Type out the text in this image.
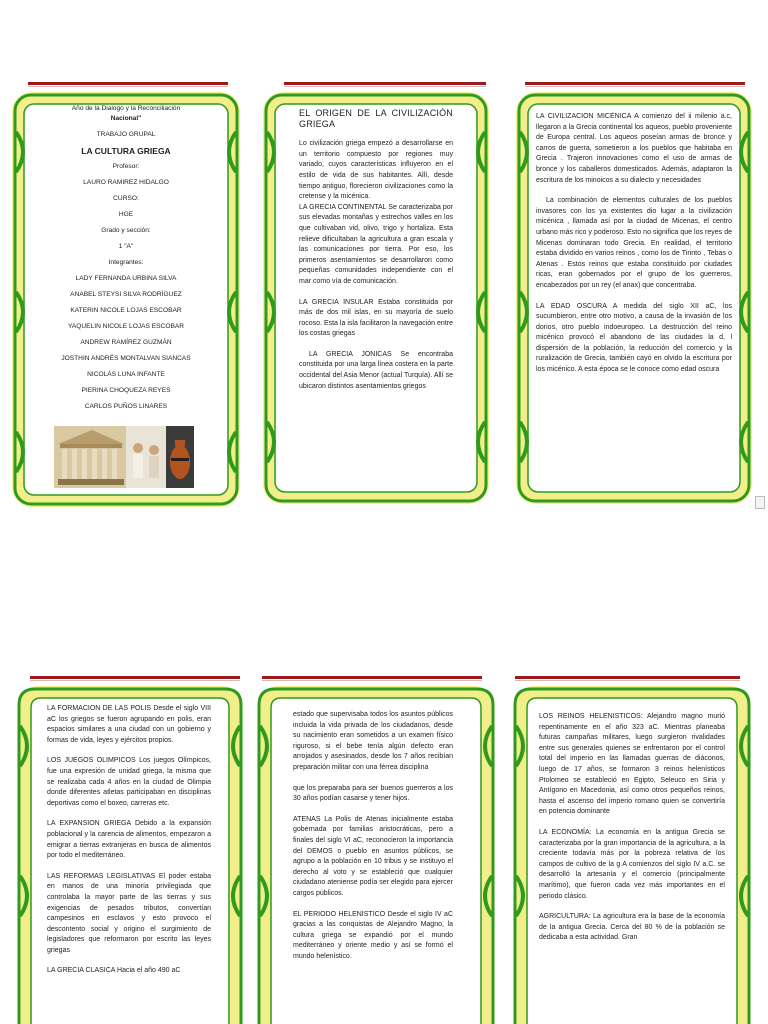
Año de la Dialogo y la Reconciliación

Nacional"

TRABAJO GRUPAL

LA CULTURA GRIEGA

Profesor:

LAURO RAMIREZ HIDALGO

CURSO:

HGE

Grado y sección:

1 "A"

Integrantes:

LADY FERNANDA URBINA SILVA

ANABEL STEYSI SILVA RODRÍGUEZ

KATERIN NICOLE LOJAS ESCOBAR

YAQUELIN NICOLE LOJAS ESCOBAR

ANDREW RAMÍREZ GUZMÁN

JOSTHIN ANDRÉS MONTALVAN SIANCAS

NICOLÁS LUNA INFANTE

PIERINA CHOQUEZA REYES

CARLOS PUÑOS LINARES

EL ORIGEN DE LA CIVILIZACIÓN GRIEGA

Lo civilización griega empezó a desarrollarse en un territorio compuesto por regiones muy variado, cuyos características influyeron en el estilo de vida de sus habitantes. Allí, desde tiempo antiguo, florecieron civilizaciones como la cretense y la micénica.

LA GRECIA CONTINENTAL Se caracterizaba por sus elevadas montañas y estrechos valles en los que cultivaban vid, olivo, trigo y hortaliza. Esta relieve dificultaban la agricultura a gran escala y las comunicaciones por tierra. Por eso, los primeros asentamientos se desarrollaron como pequeñas comunidades independiente con el mar como vía de comunicación.

LA GRECIA INSULAR Estaba constituida por más de dos mil islas, en su mayoría de suelo rocoso. Esta la isla facilitaron la navegación entre los costas griegas

LA GRECIA JONICAS Se encontraba constituida por una larga línea costera en la parte occidental del Asia Menor (actual Turquía). Allí se ubicaron distintos asentamientos griegos

LA CIVILIZACIÓN MICÉNICA A comienzo del ii milenio a.c, llegaron a la Grecia continental los aqueos, pueblo proveniente de Europa central. Los aqueos poseían armas de bronce y carros de guerra, sometieron a los pueblos que habitaba en Grecia . Trajeron innovaciones como el uso de armas de bronce y los caballeros domesticados. Además, adaptaron la escritura de los minoicos a su dialecto y necesidades

La combinación de elementos culturales de los pueblos invasores con los ya existentes dio lugar a la civilización micénica , llamada así por la ciudad de Micenas, el centro urbano más rico y poderoso. Esto no significa que los reyes de Micenas dominaran todo Grecia. En realidad, el territorio estaba dividido en varios reinos , como los de Tirinto , Tebas o Atenas . Estos reinos que estaba constituido por ciudades ricas, eran gobernados por el grupo de los guerreros, encabezados por un rey (el anax) que concentraba.

LA EDAD OSCURA A medida del siglo XII aC, los sucumbieron, entre otro motivo, a causa de la invasión de los dorios, otro pueblo indoeuropeo. La destrucción del reino micénico provocó el abandono de las ciudades la d, l dispersión de la población, la reducción del comercio y la ruralización de Grecia, también cayó en olvido la escritura por los micénico. A esta época se le conoce como edad oscura

LA FORMACION DE LAS POLIS Desde el siglo VIII aC los griegos se fueron agrupando en polis, eran espacios similares a una ciudad con un gobierno y formas de vida, leyes y ejércitos propios.

LOS JUEGOS OLIMPICOS Los juegos Olímpicos, fue una expresión de unidad griega, la misma que se realizaba cada 4 años en la ciudad de Olimpia donde diferentes atletas participaban en disciplinas deportivas como el boxeo, carreras etc.

LA EXPANSION GRIEGA Debido a la expansión poblacional y la carencia de alimentos, empezaron a emigrar a tierras extranjeras en busca de alimentos por todo el mediterráneo.

LAS REFORMAS LEGISLATIVAS El poder estaba en manos de una minoría privilegiada que controlaba la mayor parte de las tierras y sus exigencias de pesados tributos, convertían campesinos en esclavos y esto provoco el descontento social y origino el surgimiento de legisladores que reformaron por escrito las leyes griegas

LA GRECIA CLASICA Hacia el año 490 aC

estado que supervisaba todos los asuntos públicos incluida la vida privada de los ciudadanos, desde su nacimiento eran sometidos a un examen físico riguroso, si el bebe tenía algún defecto eran arrojados y asesinados, desde los 7 años recibían preparación militar con una férrea disciplina

que los preparaba para ser buenos guerreros a los 30 años podían casarse y tener hijos.

ATENAS La Polis de Atenas inicialmente estaba gobernada por familias aristocráticas, pero a finales del siglo VI aC, reconocieron la importancia del DEMOS o pueblo en asuntos públicos, se agrupo a la población en 10 tribus y se instituyo el derecho al voto y se estableció que cualquier ciudadano ateniense podía ser elegido para ejercer cargos públicos.

EL PERIODO HELENISTICO Desde el siglo IV aC gracias a las conquistas de Alejandro Magno, la cultura griega se expandió por el mundo mediterráneo y oriente medio y así se formó el mundo helenístico.

LOS REINOS HELENISTICOS: Alejandro magno murió repentinamente en el año 323 aC. Mientras planeaba futuras campañas militares, luego surgieron rivalidades entre sus generales quienes se enfrentaron por el control total del imperio en las llamadas guerras de diáconos, luego de 17 años, se formaron 3 reinos helenísticos Ptolomeo se estableció en Egipto, Seleuco en Siria y Antígono en Macedonia, así como otros pequeños reinos, hasta el ascenso del imperio romano quien se convertiría en potencia dominante

LA ECONOMÍA: La economía en la antigua Grecia se caracterizaba por la gran importancia de la agricultura, a la creciente todavía más por la pobreza relativa de los campos de cultivo de la g A comienzos del siglo IV a.C. se desarrolló la artesanía y el comercio (principalmente marítimo), que fueron cada vez más importantes en el periodo clásico.

AGRICULTURA: La agricultura era la base de la economía de la antigua Grecia. Cerca del 80 % de la población se dedicaba a esta actividad. Gran
